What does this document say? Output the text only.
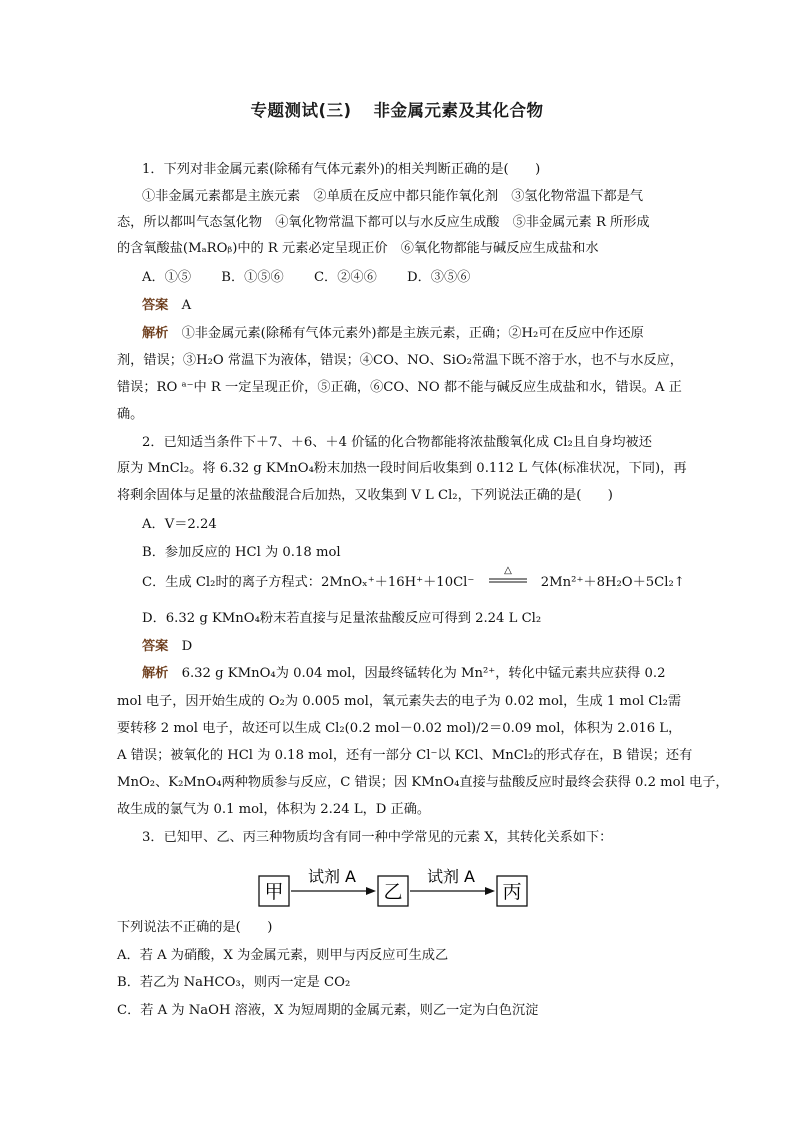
专题测试(三) 非金属元素及其化合物
1．下列对非金属元素(除稀有气体元素外)的相关判断正确的是(　　)
①非金属元素都是主族元素　②单质在反应中都只能作氧化剂　③氢化物常温下都是气
态，所以都叫气态氢化物　④氧化物常温下都可以与水反应生成酸　⑤非金属元素 R 所形成
的含氧酸盐(MₐROᵦ)中的 R 元素必定呈现正价　⑥氧化物都能与碱反应生成盐和水
A．①⑤ B．①⑤⑥ C．②④⑥ D．③⑤⑥
答案　 A
解析　 ①非金属元素(除稀有气体元素外)都是主族元素，正确；②H₂可在反应中作还原
剂，错误；③H₂O 常温下为液体，错误；④CO、NO、SiO₂常温下既不溶于水，也不与水反应，
错误；RO ᵃ⁻中 R 一定呈现正价，⑤正确，⑥CO、NO 都不能与碱反应生成盐和水，错误。A 正
确。
2．已知适当条件下＋7、＋6、＋4 价锰的化合物都能将浓盐酸氧化成 Cl₂且自身均被还
原为 MnCl₂。将 6.32 g KMnO₄粉末加热一段时间后收集到 0.112 L 气体(标准状况，下同)，再
将剩余固体与足量的浓盐酸混合后加热，又收集到 V L Cl₂，下列说法正确的是(　　)
A．V＝2.24
B．参加反应的 HCl 为 0.18 mol
C．生成 Cl₂时的离子方程式：2MnOₓ⁺＋16H⁺＋10Cl⁻
△
2Mn²⁺＋8H₂O＋5Cl₂↑
D．6.32 g KMnO₄粉末若直接与足量浓盐酸反应可得到 2.24 L Cl₂
答案　 D
解析　 6.32 g KMnO₄为 0.04 mol，因最终锰转化为 Mn²⁺，转化中锰元素共应获得 0.2
mol 电子，因开始生成的 O₂为 0.005 mol，氧元素失去的电子为 0.02 mol，生成 1 mol Cl₂需
要转移 2 mol 电子，故还可以生成 Cl₂(0.2 mol－0.02 mol)/2＝0.09 mol，体积为 2.016 L，
A 错误；被氧化的 HCl 为 0.18 mol，还有一部分 Cl⁻以 KCl、MnCl₂的形式存在，B 错误；还有
MnO₂、K₂MnO₄两种物质参与反应，C 错误；因 KMnO₄直接与盐酸反应时最终会获得 0.2 mol 电子，
故生成的氯气为 0.1 mol，体积为 2.24 L，D 正确。
3．已知甲、乙、丙三种物质均含有同一种中学常见的元素 X，其转化关系如下：
甲
试剂 A
乙
试剂 A
丙
下列说法不正确的是(　　)
A．若 A 为硝酸，X 为金属元素，则甲与丙反应可生成乙
B．若乙为 NaHCO₃，则丙一定是 CO₂
C．若 A 为 NaOH 溶液，X 为短周期的金属元素，则乙一定为白色沉淀
